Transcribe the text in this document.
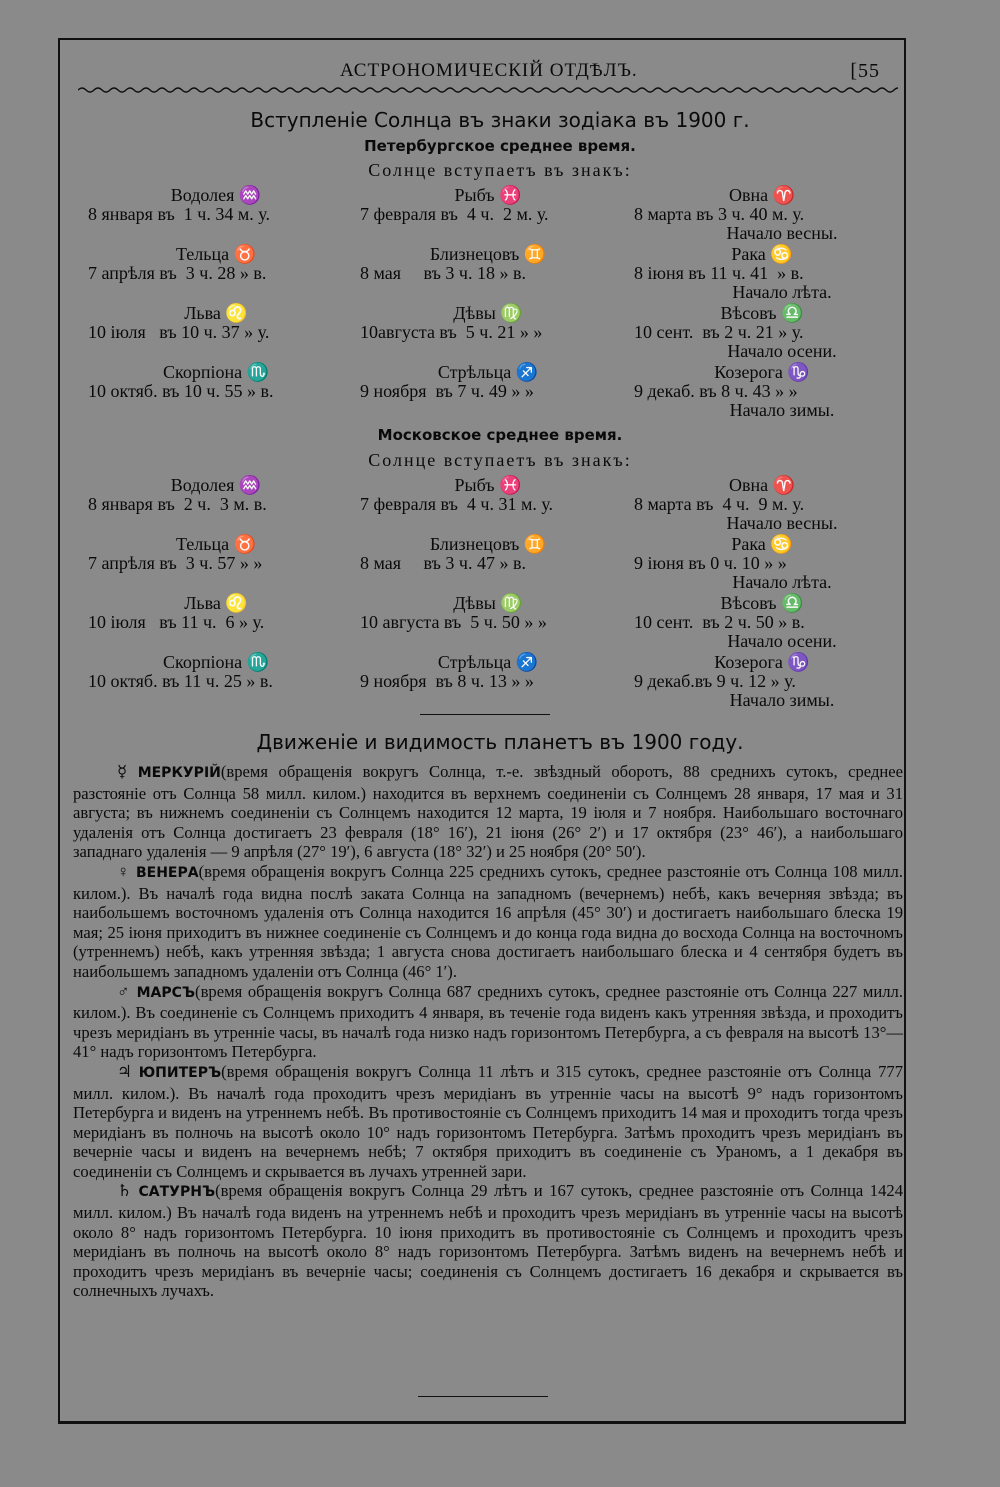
АСТРОНОМИЧЕСКІЙ ОТДѢЛЪ.	[55
Вступленіе Солнца въ знаки зодіака въ 1900 г.
Петербургское среднее время.
Солнце вступаетъ въ знакъ:
Водолея ♒
8 января въ  1 ч. 34 м. у.
Рыбъ ♓
7 февраля въ  4 ч.  2 м. у.
Овна ♈
8 марта въ 3 ч. 40 м. у.
Начало весны.
Тельца ♉
7 апрѣля въ  3 ч. 28 » в.
Близнецовъ ♊
8 мая     въ 3 ч. 18 » в.
Рака ♋
8 іюня въ 11 ч. 41  » в.
Начало лѣта.
Льва ♌
10 іюля   въ 10 ч. 37 » у.
Дѣвы ♍
10августа въ  5 ч. 21 » »
Вѣсовъ ♎
10 сент.  въ 2 ч. 21 » у.
Начало осени.
Скорпіона ♏
10 октяб. въ 10 ч. 55 » в.
Стрѣльца ♐
9 ноября  въ 7 ч. 49 » »
Козерога ♑
9 декаб. въ 8 ч. 43 » »
Начало зимы.
Московское среднее время.
Солнце вступаетъ въ знакъ:
Водолея ♒
8 января въ  2 ч.  3 м. в.
Рыбъ ♓
7 февраля въ  4 ч. 31 м. у.
Овна ♈
8 марта въ  4 ч.  9 м. у.
Начало весны.
Тельца ♉
7 апрѣля въ  3 ч. 57 » »
Близнецовъ ♊
8 мая     въ 3 ч. 47 » в.
Рака ♋
9 іюня въ 0 ч. 10 » »
Начало лѣта.
Льва ♌
10 іюля   въ 11 ч.  6 » у.
Дѣвы ♍
10 августа въ  5 ч. 50 » »
Вѣсовъ ♎
10 сент.  въ 2 ч. 50 » в.
Начало осени.
Скорпіона ♏
10 октяб. въ 11 ч. 25 » в.
Стрѣльца ♐
9 ноября  въ 8 ч. 13 » »
Козерога ♑
9 декаб.въ 9 ч. 12 » у.
Начало зимы.
Движеніе и видимость планетъ въ 1900 году.

☿ МЕРКУРІЙ(время обращенія вокругъ Солнца, т.-е. звѣздный оборотъ, 88 среднихъ сутокъ, среднее разстояніе отъ Солнца 58 милл. килом.) находится въ верхнемъ соединеніи съ Солнцемъ 28 января, 17 мая и 31 августа; въ нижнемъ соединеніи съ Солнцемъ находится 12 марта, 19 іюля и 7 ноября. Наибольшаго восточнаго удаленія отъ Солнца достигаетъ 23 февраля (18° 16′), 21 іюня (26° 2′) и 17 октября (23° 46′), а наибольшаго западнаго удаленія — 9 апрѣля (27° 19′), 6 августа (18° 32′) и 25 ноября (20° 50′).

♀ ВЕНЕРА(время обращенія вокругъ Солнца 225 среднихъ сутокъ, среднее разстояніе отъ Солнца 108 милл. килом.). Въ началѣ года видна послѣ заката Солнца на западномъ (вечернемъ) небѣ, какъ вечерняя звѣзда; въ наибольшемъ восточномъ удаленія отъ Солнца находится 16 апрѣля (45° 30′) и достигаетъ наибольшаго блеска 19 мая; 25 іюня приходитъ въ нижнее соединеніе съ Солнцемъ и до конца года видна до восхода Солнца на восточномъ (утреннемъ) небѣ, какъ утренняя звѣзда; 1 августа снова достигаетъ наибольшаго блеска и 4 сентября будетъ въ наибольшемъ западномъ удаленіи отъ Солнца (46° 1′).

♂ МАРСЪ(время обращенія вокругъ Солнца 687 среднихъ сутокъ, среднее разстояніе отъ Солнца 227 милл. килом.). Въ соединеніе съ Солнцемъ приходитъ 4 января, въ теченіе года виденъ какъ утренняя звѣзда, и проходитъ чрезъ меридіанъ въ утренніе часы, въ началѣ года низко надъ горизонтомъ Петербурга, а съ февраля на высотѣ 13°—41° надъ горизонтомъ Петербурга.

♃ ЮПИТЕРЪ(время обращенія вокругъ Солнца 11 лѣтъ и 315 сутокъ, среднее разстояніе отъ Солнца 777 милл. килом.). Въ началѣ года проходитъ чрезъ меридіанъ въ утренніе часы на высотѣ 9° надъ горизонтомъ Петербурга и виденъ на утреннемъ небѣ. Въ противостояніе съ Солнцемъ приходитъ 14 мая и проходитъ тогда чрезъ меридіанъ въ полночь на высотѣ около 10° надъ горизонтомъ Петербурга. Затѣмъ проходитъ чрезъ меридіанъ въ вечерніе часы и виденъ на вечернемъ небѣ; 7 октября приходитъ въ соединеніе съ Ураномъ, а 1 декабря въ соединеніи съ Солнцемъ и скрывается въ лучахъ утренней зари.

♄ САТУРНЪ(время обращенія вокругъ Солнца 29 лѣтъ и 167 сутокъ, среднее разстояніе отъ Солнца 1424 милл. килом.) Въ началѣ года виденъ на утреннемъ небѣ и проходитъ чрезъ меридіанъ въ утренніе часы на высотѣ около 8° надъ горизонтомъ Петербурга. 10 іюня приходитъ въ противостояніе съ Солнцемъ и проходитъ чрезъ меридіанъ въ полночь на высотѣ около 8° надъ горизонтомъ Петербурга. Затѣмъ виденъ на вечернемъ небѣ и проходитъ чрезъ меридіанъ въ вечерніе часы; соединенія съ Солнцемъ достигаетъ 16 декабря и скрывается въ солнечныхъ лучахъ.
